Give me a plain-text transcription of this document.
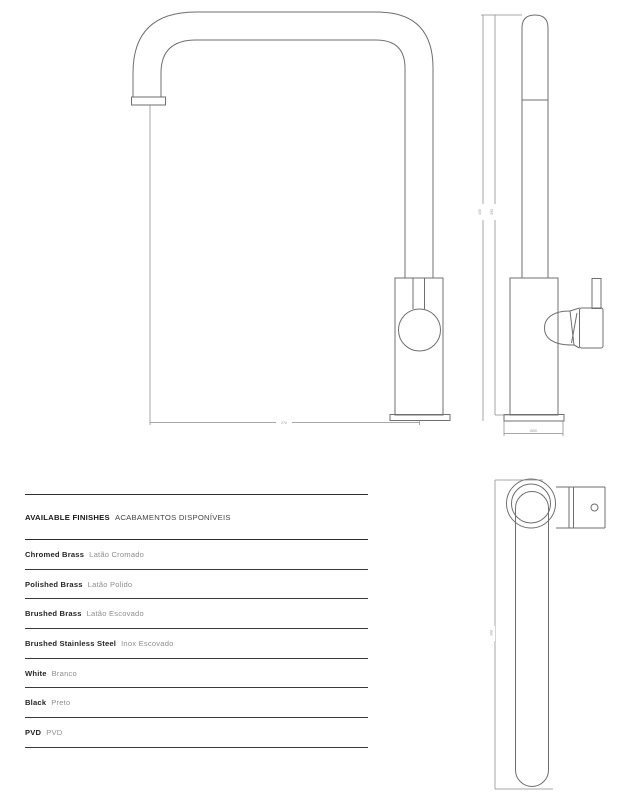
270
405 390
Ø50
308
AVAILABLE FINISHES ACABAMENTOS DISPONÍVEIS
Chromed Brass Latão Cromado
Polished Brass Latão Polido
Brushed Brass Latão Escovado
Brushed Stainless Steel Inox Escovado
White Branco
Black Preto
PVD PVD
